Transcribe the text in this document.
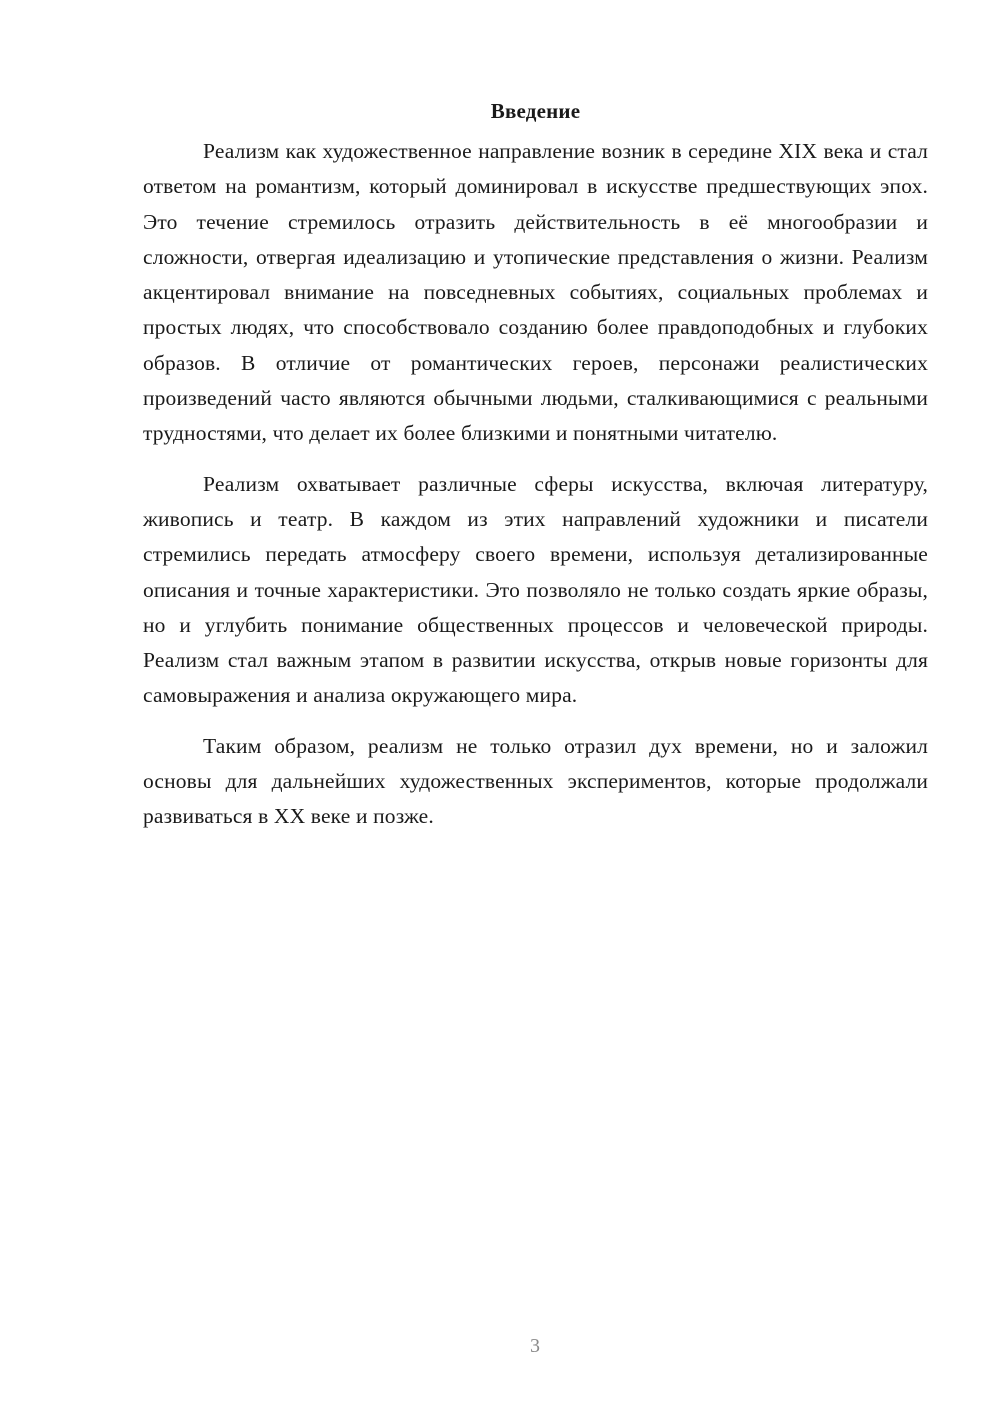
Введение

Реализм как художественное направление возник в середине XIX века и стал ответом на романтизм, который доминировал в искусстве предшествующих эпох. Это течение стремилось отразить действительность в её многообразии и сложности, отвергая идеализацию и утопические представления о жизни. Реализм акцентировал внимание на повседневных событиях, социальных проблемах и простых людях, что способствовало созданию более правдоподобных и глубоких образов. В отличие от романтических героев, персонажи реалистических произведений часто являются обычными людьми, сталкивающимися с реальными трудностями, что делает их более близкими и понятными читателю.

Реализм охватывает различные сферы искусства, включая литературу, живопись и театр. В каждом из этих направлений художники и писатели стремились передать атмосферу своего времени, используя детализированные описания и точные характеристики. Это позволяло не только создать яркие образы, но и углубить понимание общественных процессов и человеческой природы. Реализм стал важным этапом в развитии искусства, открыв новые горизонты для самовыражения и анализа окружающего мира.

Таким образом, реализм не только отразил дух времени, но и заложил основы для дальнейших художественных экспериментов, которые продолжали развиваться в XX веке и позже.

3
